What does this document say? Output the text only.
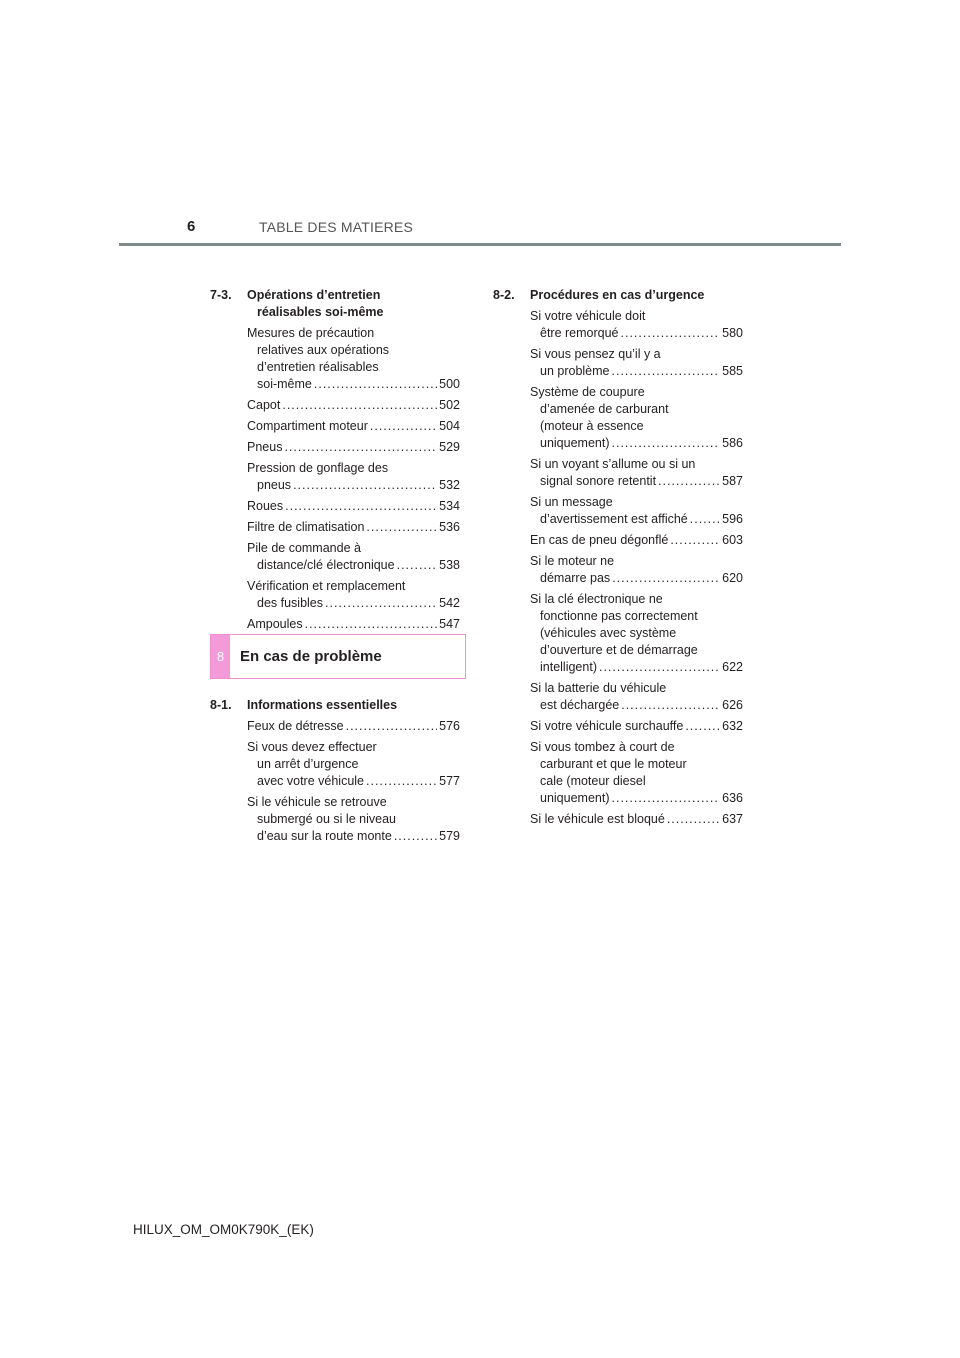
6	TABLE DES MATIERES
7-3.	Opérations d’entretien
réalisables soi-même
Mesures de précaution
relatives aux opérations
d’entretien réalisables
soi-même .....	500
Capot .....	502
Compartiment moteur .....	504
Pneus .....	529
Pression de gonflage des
pneus .....	532
Roues .....	534
Filtre de climatisation .....	536
Pile de commande à
distance/clé électronique .....	538
Vérification et remplacement
des fusibles .....	542
Ampoules .....	547
8	En cas de problème
8-1.	Informations essentielles
Feux de détresse .....	576
Si vous devez effectuer
un arrêt d’urgence
avec votre véhicule .....	577
Si le véhicule se retrouve
submergé ou si le niveau
d’eau sur la route monte .....	579
8-2.	Procédures en cas d’urgence
Si votre véhicule doit
être remorqué .....	580
Si vous pensez qu’il y a
un problème .....	585
Système de coupure
d’amenée de carburant
(moteur à essence
uniquement) .....	586
Si un voyant s’allume ou si un
signal sonore retentit .....	587
Si un message
d’avertissement est affiché .....	596
En cas de pneu dégonflé .....	603
Si le moteur ne
démarre pas .....	620
Si la clé électronique ne
fonctionne pas correctement
(véhicules avec système
d’ouverture et de démarrage
intelligent) .....	622
Si la batterie du véhicule
est déchargée .....	626
Si votre véhicule surchauffe .....	632
Si vous tombez à court de
carburant et que le moteur
cale (moteur diesel
uniquement) .....	636
Si le véhicule est bloqué .....	637
HILUX_OM_OM0K790K_(EK)
